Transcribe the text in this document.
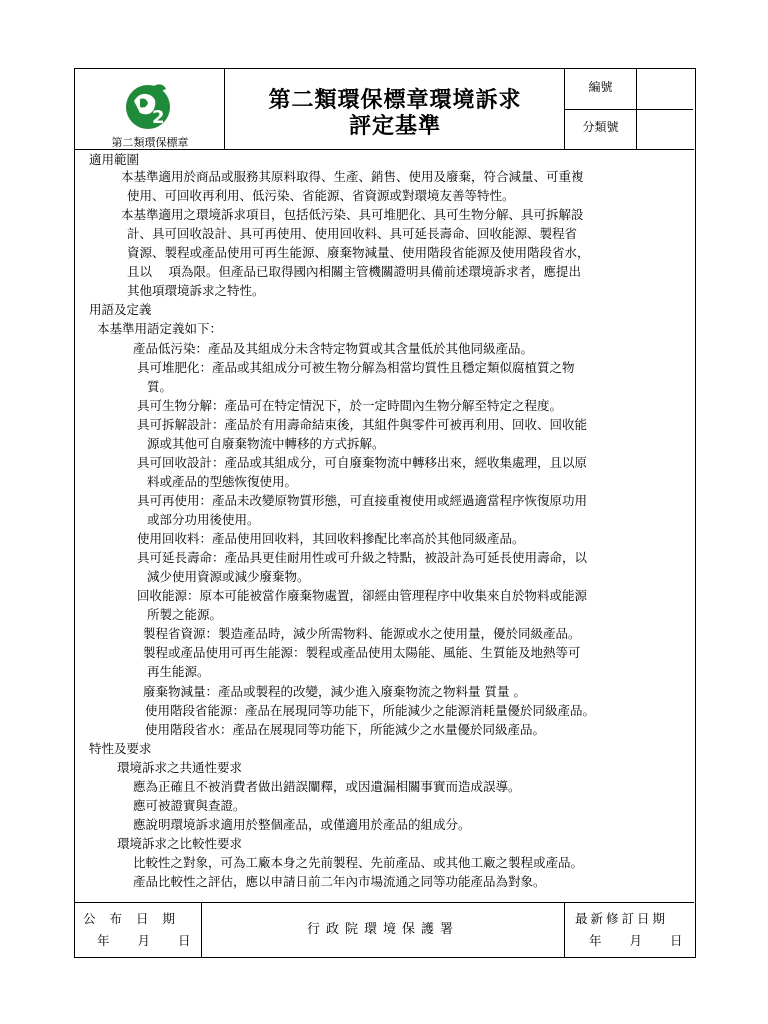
2
第二類環保標章
第二類環保標章環境訴求
評定基準
編號
分類號
適用範圍
本基準適用於商品或服務其原料取得、生產、銷售、使用及廢棄，符合減量、可重複
使用、可回收再利用、低污染、省能源、省資源或對環境友善等特性。
本基準適用之環境訴求項目，包括低污染、具可堆肥化、具可生物分解、具可拆解設
計、具可回收設計、具可再使用、使用回收料、具可延長壽命、回收能源、製程省
資源、製程或產品使用可再生能源、廢棄物減量、使用階段省能源及使用階段省水，
且以　 項為限。但產品已取得國內相關主管機關證明具備前述環境訴求者，應提出
其他項環境訴求之特性。
用語及定義
本基準用語定義如下：
產品低污染：產品及其組成分未含特定物質或其含量低於其他同級產品。
具可堆肥化：產品或其組成分可被生物分解為相當均質性且穩定類似腐植質之物
質。
具可生物分解：產品可在特定情況下，於一定時間內生物分解至特定之程度。
具可拆解設計：產品於有用壽命結束後，其組件與零件可被再利用、回收、回收能
源或其他可自廢棄物流中轉移的方式拆解。
具可回收設計：產品或其組成分，可自廢棄物流中轉移出來，經收集處理，且以原
料或產品的型態恢復使用。
具可再使用：產品未改變原物質形態，可直接重複使用或經過適當程序恢復原功用
或部分功用後使用。
使用回收料：產品使用回收料，其回收料摻配比率高於其他同級產品。
具可延長壽命：產品具更佳耐用性或可升級之特點，被設計為可延長使用壽命，以
減少使用資源或減少廢棄物。
回收能源：原本可能被當作廢棄物處置，卻經由管理程序中收集來自於物料或能源
所製之能源。
製程省資源：製造產品時，減少所需物料、能源或水之使用量，優於同級產品。
製程或產品使用可再生能源：製程或產品使用太陽能、風能、生質能及地熱等可
再生能源。
廢棄物減量：產品或製程的改變，減少進入廢棄物流之物料量 質量 。
使用階段省能源：產品在展現同等功能下，所能減少之能源消耗量優於同級產品。
使用階段省水：產品在展現同等功能下，所能減少之水量優於同級產品。
特性及要求
環境訴求之共通性要求
應為正確且不被消費者做出錯誤闡釋，或因遺漏相關事實而造成誤導。
應可被證實與查證。
應說明環境訴求適用於整個產品，或僅適用於產品的組成分。
環境訴求之比較性要求
比較性之對象，可為工廠本身之先前製程、先前產品、或其他工廠之製程或產品。
產品比較性之評估，應以申請日前二年內市場流通之同等功能產品為對象。
公布日期
年月日
行政院環境保護署
最新修訂日期
年月日
